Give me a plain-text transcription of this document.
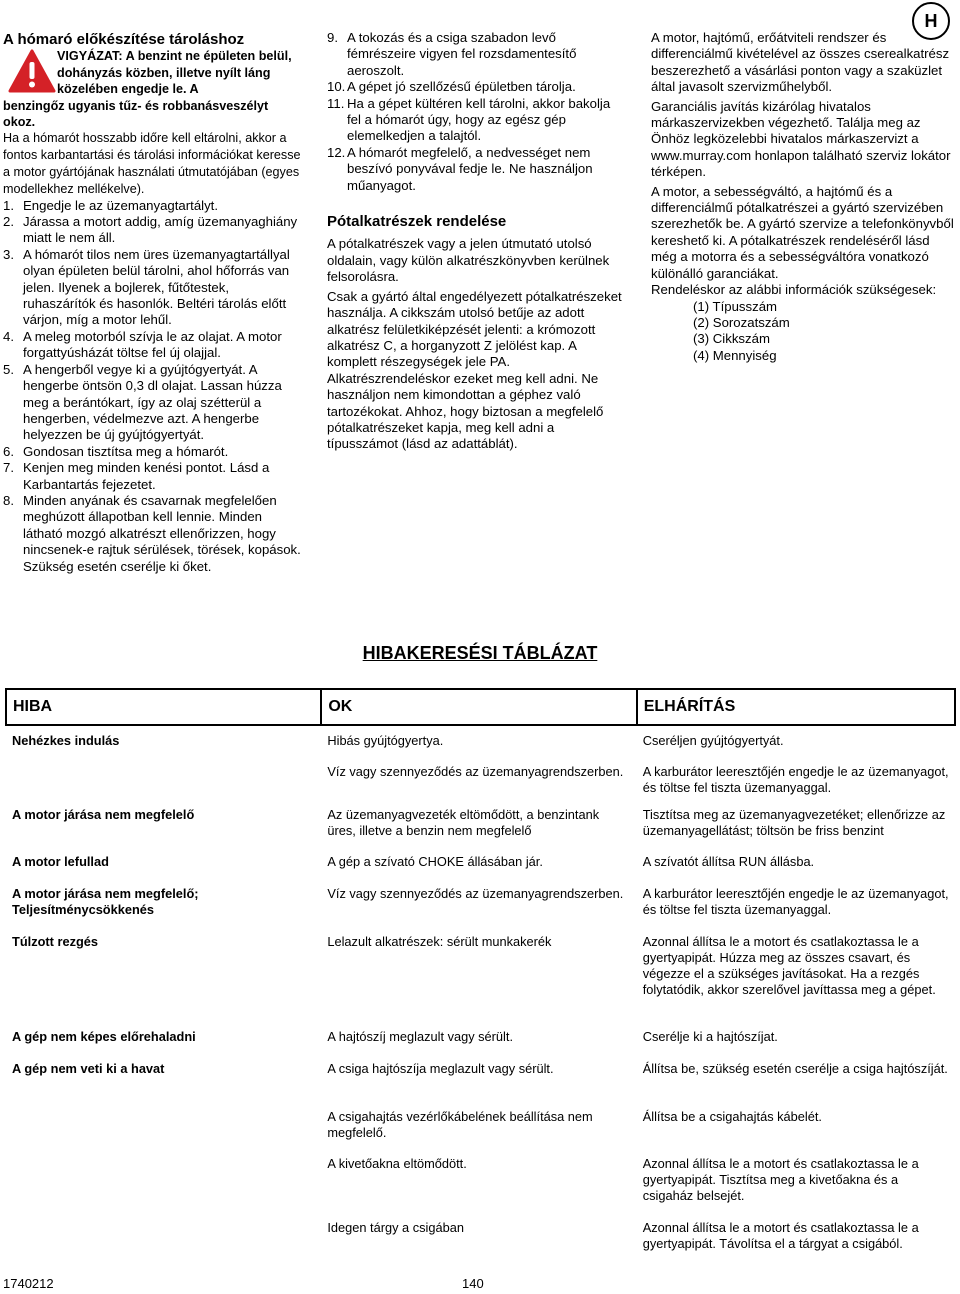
H

A hómaró előkészítése tároláshoz

VIGYÁZAT: A benzint ne épületen belül, dohányzás közben, illetve nyílt láng közelében engedje le. A

benzingőz ugyanis tűz- és robbanásveszélyt okoz.

Ha a hómarót hosszabb időre kell eltárolni, akkor a fontos karbantartási és tárolási információkat keresse a motor gyártójának használati útmutatójában (egyes modellekhez mellékelve).

1. Engedje le az üzemanyagtartályt.
2. Járassa a motort addig, amíg üzemanyaghiány miatt le nem áll.
3. A hómarót tilos nem üres üzemanyagtartállyal olyan épületen belül tárolni, ahol hőforrás van jelen. Ilyenek a bojlerek, fűtőtestek, ruhaszárítók és hasonlók. Beltéri tárolás előtt várjon, míg a motor lehűl.
4. A meleg motorból szívja le az olajat. A motor forgattyúsházát töltse fel új olajjal.
5. A hengerből vegye ki a gyújtógyertyát. A hengerbe öntsön 0,3 dl olajat. Lassan húzza meg a berántókart, így az olaj szétterül a hengerben, védelmezve azt. A hengerbe helyezzen be új gyújtógyertyát.
6. Gondosan tisztítsa meg a hómarót.
7. Kenjen meg minden kenési pontot. Lásd a Karbantartás fejezetet.
8. Minden anyának és csavarnak megfelelően meghúzott állapotban kell lennie. Minden látható mozgó alkatrészt ellenőrizzen, hogy nincsenek-e rajtuk sérülések, törések, kopások. Szükség esetén cserélje ki őket.
9. A tokozás és a csiga szabadon levő fémrészeire vigyen fel rozsdamentesítő aeroszolt.
10. A gépet jó szellőzésű épületben tárolja.
11. Ha a gépet kültéren kell tárolni, akkor bakolja fel a hómarót úgy, hogy az egész gép elemelkedjen a talajtól.
12. A hómarót megfelelő, a nedvességet nem beszívó ponyvával fedje le. Ne használjon műanyagot.

Pótalkatrészek rendelése

A pótalkatrészek vagy a jelen útmutató utolsó oldalain, vagy külön alkatrészkönyvben kerülnek felsorolásra.

Csak a gyártó által engedélyezett pótalkatrészeket használja. A cikkszám utolsó betűje az adott alkatrész felületkiképzését jelenti: a krómozott alkatrész C, a horganyzott Z jelölést kap. A komplett részegységek jele PA. Alkatrészrendeléskor ezeket meg kell adni. Ne használjon nem kimondottan a géphez való tartozékokat. Ahhoz, hogy biztosan a megfelelő pótalkatrészeket kapja, meg kell adni a típusszámot (lásd az adattáblát).

A motor, hajtómű, erőátviteli rendszer és differenciálmű kivételével az összes cserealkatrész beszerezhető a vásárlási ponton vagy a szaküzlet által javasolt szervizműhelyből.

Garanciális javítás kizárólag hivatalos márkaszervizekben végezhető. Találja meg az Önhöz legközelebbi hivatalos márkaszervizt a www.murray.com honlapon található szerviz lokátor térképen.

A motor, a sebességváltó, a hajtómű és a differenciálmű pótalkatrészei a gyártó szervizében szerezhetők be. A gyártó szervize a telefonkönyvből kereshető ki. A pótalkatrészek rendeléséről lásd még a motorra és a sebességváltóra vonatkozó különálló garanciákat.

Rendeléskor az alábbi információk szükségesek:

(1) Típusszám
(2) Sorozatszám
(3) Cikkszám
(4) Mennyiség
HIBAKERESÉSI TÁBLÁZAT
HIBA	OK	ELHÁRÍTÁS
Nehézkes indulás	Hibás gyújtógyertya.	Cseréljen gyújtógyertyát.
	Víz vagy szennyeződés az üzemanyagrendszerben.	A karburátor leeresztőjén engedje le az üzemanyagot, és töltse fel tiszta üzemanyaggal.
A motor járása nem megfelelő	Az üzemanyagvezeték eltömődött, a benzintank üres, illetve a benzin nem megfelelő	Tisztítsa meg az üzemanyagvezetéket; ellenőrizze az üzemanyagellátást; töltsön be friss benzint
A motor lefullad	A gép a szívató CHOKE állásában jár.	A szívatót állítsa RUN állásba.
A motor járása nem megfelelő; Teljesítménycsökkenés	Víz vagy szennyeződés az üzemanyagrendszerben.	A karburátor leeresztőjén engedje le az üzemanyagot, és töltse fel tiszta üzemanyaggal.
Túlzott rezgés	Lelazult alkatrészek: sérült munkakerék	Azonnal állítsa le a motort és csatlakoztassa le a gyertyapipát. Húzza meg az összes csavart, és végezze el a szükséges javításokat. Ha a rezgés folytatódik, akkor szerelővel javíttassa meg a gépet.
A gép nem képes előrehaladni	A hajtószíj meglazult vagy sérült.	Cserélje ki a hajtószíjat.
A gép nem veti ki a havat	A csiga hajtószíja meglazult vagy sérült.	Állítsa be, szükség esetén cserélje a csiga hajtószíját.
	A csigahajtás vezérlőkábelének beállítása nem megfelelő.	Állítsa be a csigahajtás kábelét.
	A kivetőakna eltömődött.	Azonnal állítsa le a motort és csatlakoztassa le a gyertyapipát. Tisztítsa meg a kivetőakna és a csigaház belsejét.
	Idegen tárgy a csigában	Azonnal állítsa le a motort és csatlakoztassa le a gyertyapipát. Távolítsa el a tárgyat a csigából.
1740212	140
